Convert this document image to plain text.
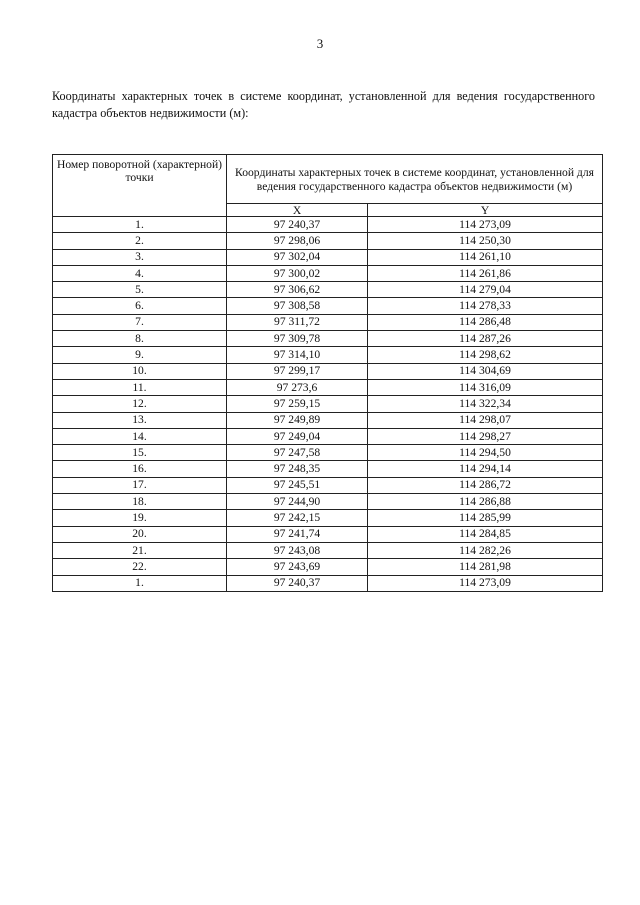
3

Координаты характерных точек в системе координат, установленной для ведения государственного кадастра объектов недвижимости (м):

Номер поворотной (характерной) точки	Координаты характерных точек в системе координат, установленной для ведения государственного кадастра объектов недвижимости (м)	
	X	Y
1.	97 240,37	114 273,09
2.	97 298,06	114 250,30
3.	97 302,04	114 261,10
4.	97 300,02	114 261,86
5.	97 306,62	114 279,04
6.	97 308,58	114 278,33
7.	97 311,72	114 286,48
8.	97 309,78	114 287,26
9.	97 314,10	114 298,62
10.	97 299,17	114 304,69
11.	97 273,6	114 316,09
12.	97 259,15	114 322,34
13.	97 249,89	114 298,07
14.	97 249,04	114 298,27
15.	97 247,58	114 294,50
16.	97 248,35	114 294,14
17.	97 245,51	114 286,72
18.	97 244,90	114 286,88
19.	97 242,15	114 285,99
20.	97 241,74	114 284,85
21.	97 243,08	114 282,26
22.	97 243,69	114 281,98
1.	97 240,37	114 273,09
